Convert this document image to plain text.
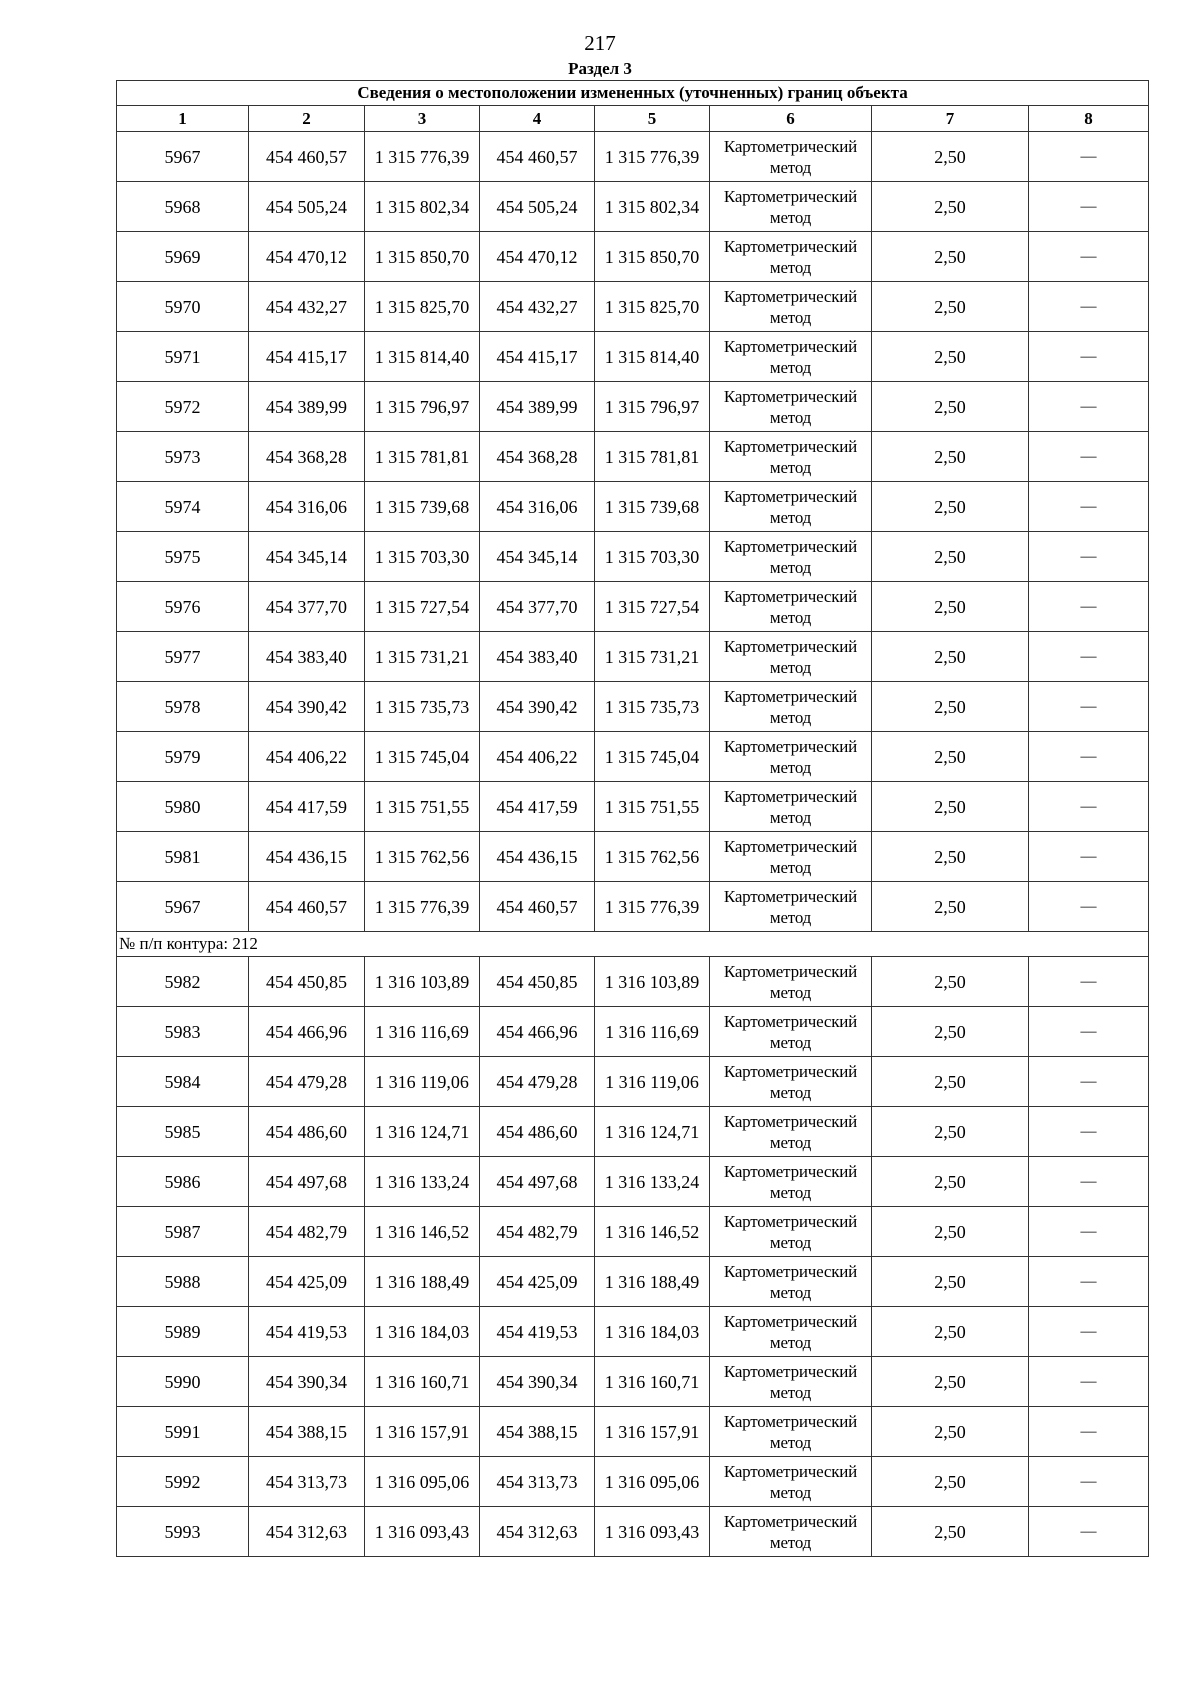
217
Раздел 3
Сведения о местоположении измененных (уточненных) границ объекта							
1	2	3	4	5	6	7	8
5967	454 460,57	1 315 776,39	454 460,57	1 315 776,39	Картометрический метод	2,50	—
5968	454 505,24	1 315 802,34	454 505,24	1 315 802,34	Картометрический метод	2,50	—
5969	454 470,12	1 315 850,70	454 470,12	1 315 850,70	Картометрический метод	2,50	—
5970	454 432,27	1 315 825,70	454 432,27	1 315 825,70	Картометрический метод	2,50	—
5971	454 415,17	1 315 814,40	454 415,17	1 315 814,40	Картометрический метод	2,50	—
5972	454 389,99	1 315 796,97	454 389,99	1 315 796,97	Картометрический метод	2,50	—
5973	454 368,28	1 315 781,81	454 368,28	1 315 781,81	Картометрический метод	2,50	—
5974	454 316,06	1 315 739,68	454 316,06	1 315 739,68	Картометрический метод	2,50	—
5975	454 345,14	1 315 703,30	454 345,14	1 315 703,30	Картометрический метод	2,50	—
5976	454 377,70	1 315 727,54	454 377,70	1 315 727,54	Картометрический метод	2,50	—
5977	454 383,40	1 315 731,21	454 383,40	1 315 731,21	Картометрический метод	2,50	—
5978	454 390,42	1 315 735,73	454 390,42	1 315 735,73	Картометрический метод	2,50	—
5979	454 406,22	1 315 745,04	454 406,22	1 315 745,04	Картометрический метод	2,50	—
5980	454 417,59	1 315 751,55	454 417,59	1 315 751,55	Картометрический метод	2,50	—
5981	454 436,15	1 315 762,56	454 436,15	1 315 762,56	Картометрический метод	2,50	—
5967	454 460,57	1 315 776,39	454 460,57	1 315 776,39	Картометрический метод	2,50	—
№ п/п контура: 212							
5982	454 450,85	1 316 103,89	454 450,85	1 316 103,89	Картометрический метод	2,50	—
5983	454 466,96	1 316 116,69	454 466,96	1 316 116,69	Картометрический метод	2,50	—
5984	454 479,28	1 316 119,06	454 479,28	1 316 119,06	Картометрический метод	2,50	—
5985	454 486,60	1 316 124,71	454 486,60	1 316 124,71	Картометрический метод	2,50	—
5986	454 497,68	1 316 133,24	454 497,68	1 316 133,24	Картометрический метод	2,50	—
5987	454 482,79	1 316 146,52	454 482,79	1 316 146,52	Картометрический метод	2,50	—
5988	454 425,09	1 316 188,49	454 425,09	1 316 188,49	Картометрический метод	2,50	—
5989	454 419,53	1 316 184,03	454 419,53	1 316 184,03	Картометрический метод	2,50	—
5990	454 390,34	1 316 160,71	454 390,34	1 316 160,71	Картометрический метод	2,50	—
5991	454 388,15	1 316 157,91	454 388,15	1 316 157,91	Картометрический метод	2,50	—
5992	454 313,73	1 316 095,06	454 313,73	1 316 095,06	Картометрический метод	2,50	—
5993	454 312,63	1 316 093,43	454 312,63	1 316 093,43	Картометрический метод	2,50	—
